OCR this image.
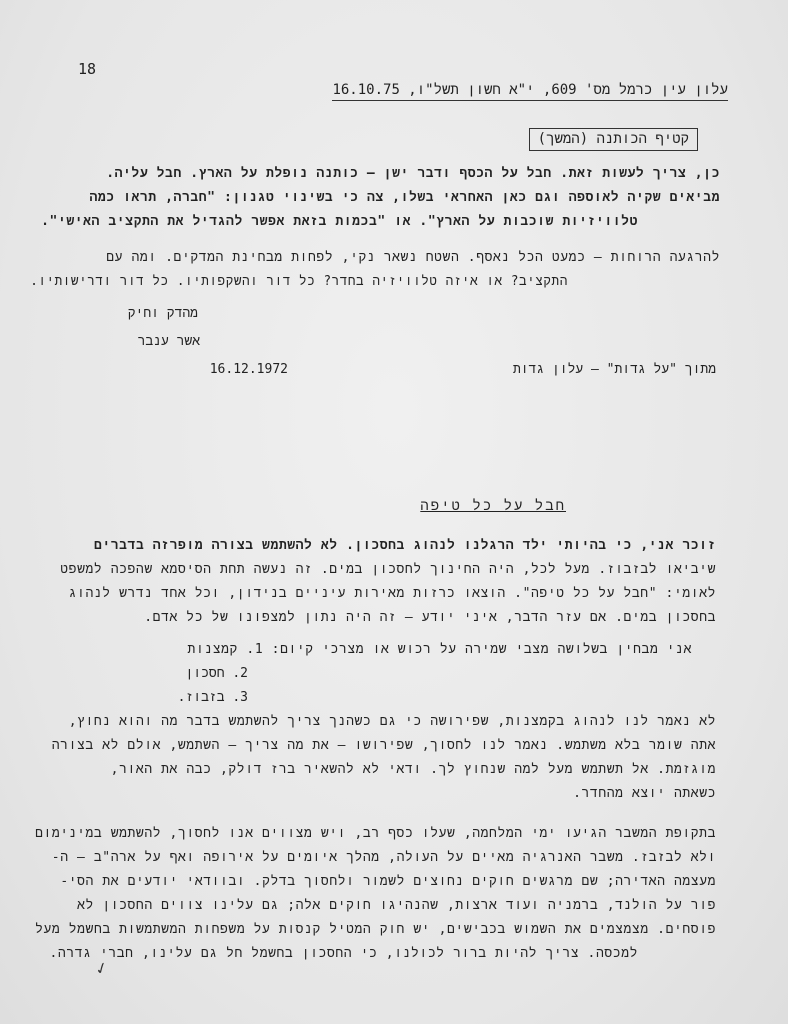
18
עלון עין כרמל מס' 609, י"א חשון תשל"ו, 16.10.75
קטיף הכותנה (המשך)
כן, צריך לעשות זאת. חבל על הכסף ודבר ישן – כותנה נופלת על הארץ. חבל עליה.
מביאים שקיה לאוספה וגם כאן האחראי בשלו, צה כי בשינוי טגנון: "חברה, תראו כמה
טלוויזיות שוכבות על הארץ". או "בכמות בזאת אפשר להגדיל את התקציב האישי".
להרגעה הרוחות – כמעט הכל נאסף. השטח נשאר נקי, לפחות מבחינת המדקים. ומה עם
התקציב? או איזה טלוויזיה בחדר? כל דור והשקפותיו. כל דור ודרישותיו.
מהדק וחיק
אשר ענבר
16.12.1972	מתוך "על גדות" – עלון גדות
חבל על כל טיפה
זוכר אני, כי בהיותי ילד הרגלנו לנהוג בחסכון. לא להשתמש בצורה מופרזה בדברים
שיביאו לבזבוז. מעל לכל, היה החינוך לחסכון במים. זה נעשה תחת הסיסמא שהפכה למשפט
לאומי: "חבל על כל טיפה". הוצאו כרזות מאירות עיניים בנידון, וכל אחד נדרש לנהוג
בחסכון במים. אם עזר הדבר, איני יודע – זה היה נתון למצפונו של כל אדם.
אני מבחין בשלושה מצבי שמירה על רכוש או מצרכי קיום: 1. קמצנות
2. חסכון
3. בזבוז.
לא נאמר לנו לנהוג בקמצנות, שפירושה כי גם כשהנך צריך להשתמש בדבר מה והוא נחוץ,
אתה שומר בלא משתמש. נאמר לנו לחסוך, שפירושו – את מה צריך – השתמש, אולם לא בצורה
מוגזמת. אל תשתמש מעל למה שנחוץ לך. ודאי לא להשאיר ברז דולק, כבה את האור,
כשאתה יוצא מהחדר.
בתקופת המשבר הגיעו ימי המלחמה, שעלו כסף רב, ויש מצווים אנו לחסוך, להשתמש במינימום
ולא לבזבז. משבר האנרגיה מאיים על העולה, מהלך איומים על אירופה ואף על ארה"ב – ה-
מעצמה האדירה; שם מרגשים חוקים נחוצים לשמור ולחסוך בדלק. ובוודאי יודעים את הסי-
פור על הולנד, ברמניה ועוד ארצות, שהנהיגו חוקים אלה; גם עלינו צווים החסכון לא
פוסחים. מצמצמים את השמוש בכבישים, יש חוק המטיל קנסות על משפחות המשתמשות בחשמל מעל
למכסה. צריך להיות ברור לכולנו, כי החסכון בחשמל חל גם עלינו, חברי גדרה.
✓
